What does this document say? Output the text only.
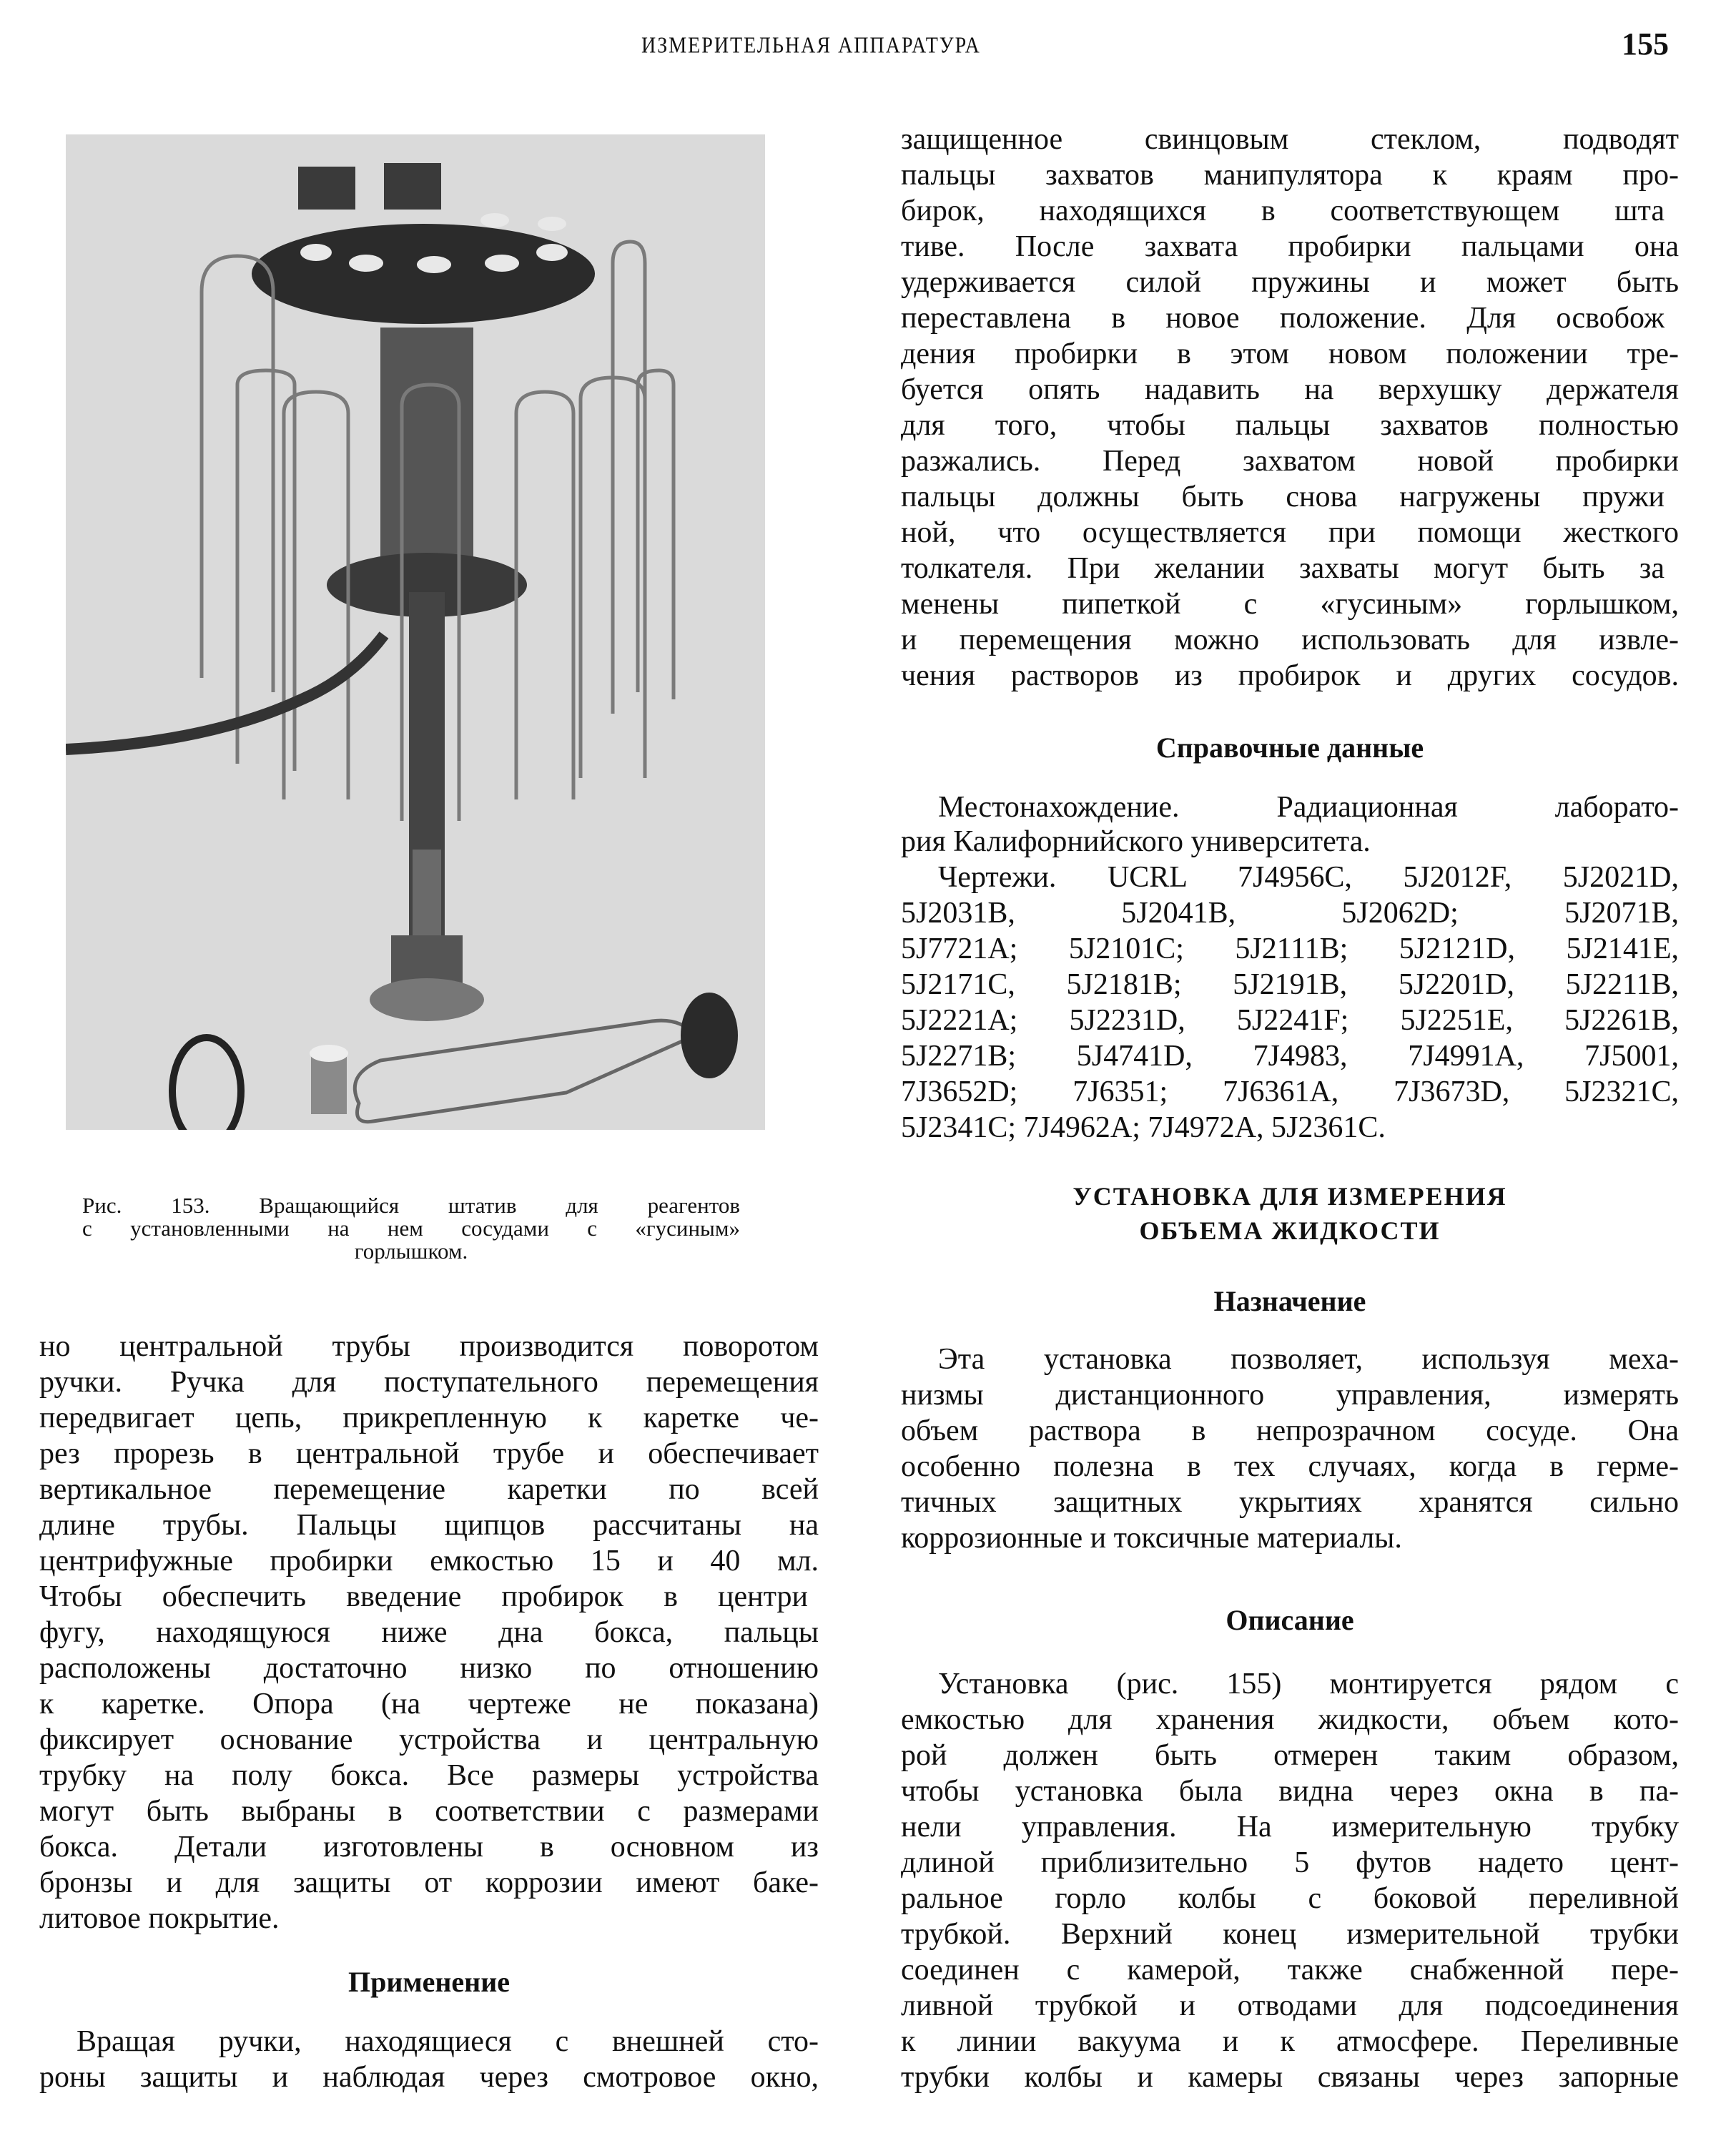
ИЗМЕРИТЕЛЬНАЯ АППАРАТУРА	155
Рис. 153. Вращающийся штатив для реагентов
с установленными на нем сосудами с «гусиным»
горлышком.
но центральной трубы производится поворотом
ручки. Ручка для поступательного перемещения
передвигает цепь, прикрепленную к каретке че-
рез прорезь в центральной трубе и обеспечивает
вертикальное перемещение каретки по всей
длине трубы. Пальцы щипцов рассчитаны на
центрифужные пробирки емкостью 15 и 40 мл.
Чтобы обеспечить введение пробирок в центри
фугу, находящуюся ниже дна бокса, пальцы
расположены достаточно низко по отношению
к каретке. Опора (на чертеже не показана)
фиксирует основание устройства и центральную
трубку на полу бокса. Все размеры устройства
могут быть выбраны в соответствии с размерами
бокса. Детали изготовлены в основном из
бронзы и для защиты от коррозии имеют баке-
литовое покрытие.
Применение
Вращая ручки, находящиеся с внешней сто-
роны защиты и наблюдая через смотровое окно,
защищенное свинцовым стеклом, подводят
пальцы захватов манипулятора к краям про-
бирок, находящихся в соответствующем шта
тиве. После захвата пробирки пальцами она
удерживается силой пружины и может быть
переставлена в новое положение. Для освобож
дения пробирки в этом новом положении тре-
буется опять надавить на верхушку держателя
для того, чтобы пальцы захватов полностью
разжались. Перед захватом новой пробирки
пальцы должны быть снова нагружены пружи
ной, что осуществляется при помощи жесткого
толкателя. При желании захваты могут быть за
менены пипеткой с «гусиным» горлышком,
и перемещения можно использовать для извле-
чения растворов из пробирок и других сосудов.
Справочные данные
Местонахождение. Радиационная лаборато-
рия Калифорнийского университета.
Чертежи. UCRL 7J4956C, 5J2012F, 5J2021D,
5J2031B, 5J2041B, 5J2062D; 5J2071B,
5J7721A; 5J2101C; 5J2111B; 5J2121D, 5J2141E,
5J2171C, 5J2181B; 5J2191B, 5J2201D, 5J2211B,
5J2221A; 5J2231D, 5J2241F; 5J2251E, 5J2261B,
5J2271B; 5J4741D, 7J4983, 7J4991A, 7J5001,
7J3652D; 7J6351; 7J6361A, 7J3673D, 5J2321C,
5J2341C; 7J4962A; 7J4972A, 5J2361C.
УСТАНОВКА ДЛЯ ИЗМЕРЕНИЯ
ОБЪЕМА ЖИДКОСТИ
Назначение
Эта установка позволяет, используя меха-
низмы дистанционного управления, измерять
объем раствора в непрозрачном сосуде. Она
особенно полезна в тех случаях, когда в герме-
тичных защитных укрытиях хранятся сильно
коррозионные и токсичные материалы.
Описание
Установка (рис. 155) монтируется рядом с
емкостью для хранения жидкости, объем кото-
рой должен быть отмерен таким образом,
чтобы установка была видна через окна в па-
нели управления. На измерительную трубку
длиной приблизительно 5 футов надето цент-
ральное горло колбы с боковой переливной
трубкой. Верхний конец измерительной трубки
соединен с камерой, также снабженной пере-
ливной трубкой и отводами для подсоединения
к линии вакуума и к атмосфере. Переливные
трубки колбы и камеры связаны через запорные
